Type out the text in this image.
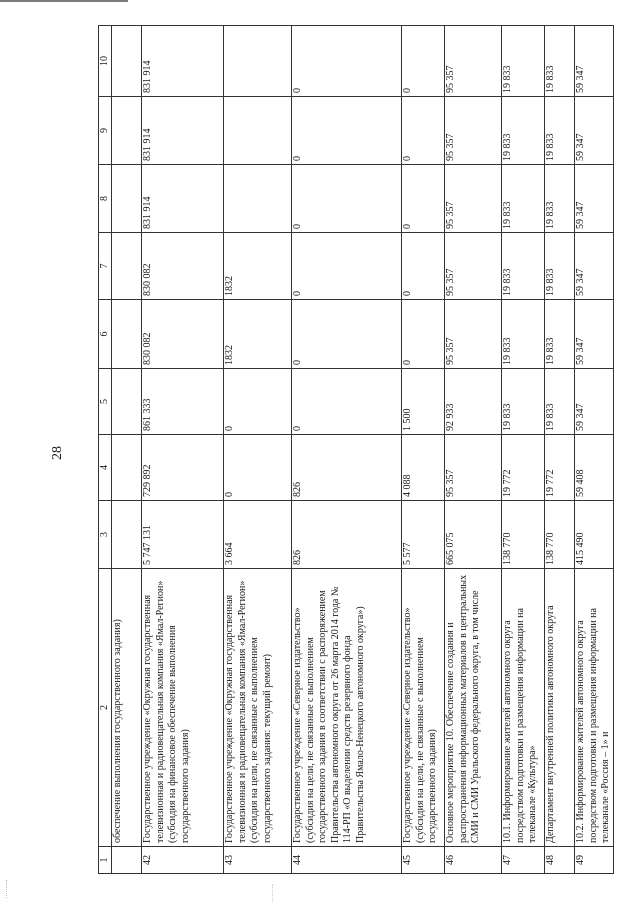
28
1	2	3	4	5	6	7	8	9	10
	обеспечение выполнения государственного задания)								
42	Государственное учреждение «Окружная государственная телевизионная и радиовещательная компания «Ямал-Регион» (субсидия на финансовое обеспечение выполнения государственного задания)	5 747 131	729 892	861 333	830 082	830 082	831 914	831 914	831 914
43	Государственное учреждение «Окружная государственная телевизионная и радиовещательная компания «Ямал-Регион» (субсидия на цели, не связанные с выполнением государственного задания: текущий ремонт)	3 664	0	0	1832	1832			
44	Государственное учреждение «Северное издательство» (субсидия на цели, не связанные с выполнением государственного задания в соответствии с распоряжением Правительства автономного округа от 26 марта 2014 года № 114-РП «О выделении средств резервного фонда Правительства Ямало-Ненецкого автономного округа»)	826	826	0	0	0	0	0	0
45	Государственное учреждение «Северное издательство» (субсидия на цели, не связанные с выполнением государственного задания)	5 577	4 088	1 500	0	0	0	0	0
46	Основное мероприятие 10. Обеспечение создания и распространения информационных материалов в центральных СМИ и СМИ Уральского федерального округа, в том числе	665 075	95 357	92 933	95 357	95 357	95 357	95 357	95 357
47	10.1. Информирование жителей автономного округа посредством подготовки и размещения информации на телеканале «Культура»	138 770	19 772	19 833	19 833	19 833	19 833	19 833	19 833
48	Департамент внутренней политики автономного округа	138 770	19 772	19 833	19 833	19 833	19 833	19 833	19 833
49	10.2. Информирование жителей автономного округа посредством подготовки и размещения информации на телеканале «Россия – 1» и	415 490	59 408	59 347	59 347	59 347	59 347	59 347	59 347
